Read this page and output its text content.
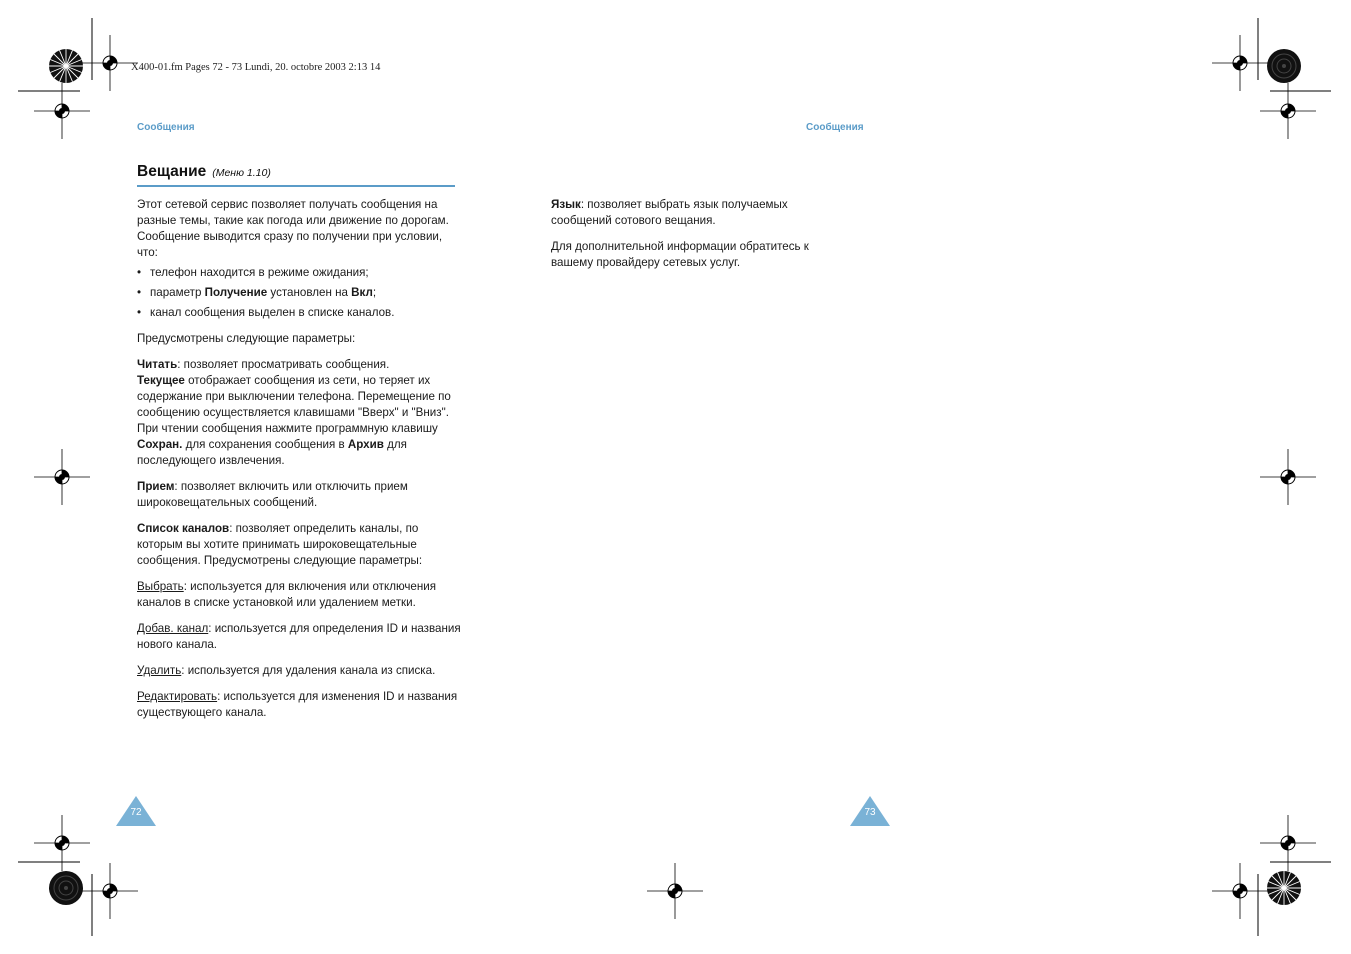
X400-01.fm Pages 72 - 73 Lundi, 20. octobre 2003 2:13 14
Сообщения	Сообщения
Вещание (Меню 1.10)

Этот сетевой сервис позволяет получать сообщения на разные темы, такие как погода или движение по дорогам. Сообщение выводится сразу по получении при условии, что:

• телефон находится в режиме ожидания;

• параметр Получение установлен на Вкл;

• канал сообщения выделен в списке каналов.

Предусмотрены следующие параметры:

Читать: позволяет просматривать сообщения.
Текущее отображает сообщения из сети, но теряет их содержание при выключении телефона. Перемещение по сообщению осуществляется клавишами "Вверх" и "Вниз". При чтении сообщения нажмите программную клавишу Сохран. для сохранения сообщения в Архив для последующего извлечения.

Прием: позволяет включить или отключить прием широковещательных сообщений.

Список каналов: позволяет определить каналы, по которым вы хотите принимать широковещательные сообщения. Предусмотрены следующие параметры:

Выбрать: используется для включения или отключения каналов в списке установкой или удалением метки.

Добав. канал: используется для определения ID и названия нового канала.

Удалить: используется для удаления канала из списка.

Редактировать: используется для изменения ID и названия существующего канала.

Язык: позволяет выбрать язык получаемых сообщений сотового вещания.

Для дополнительной информации обратитесь к вашему провайдеру сетевых услуг.

72	73
